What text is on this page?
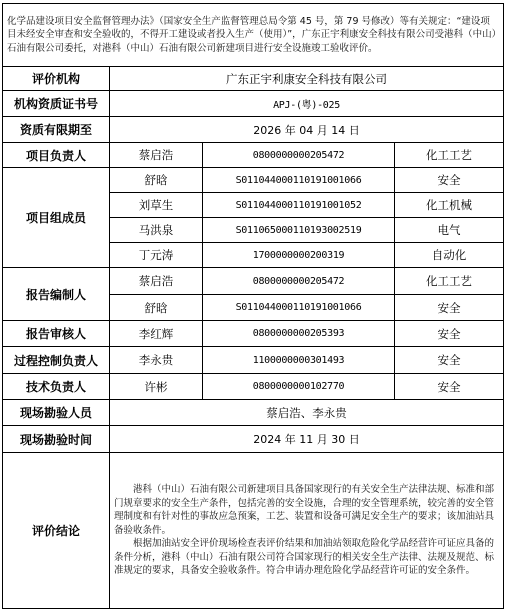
化学品建设项目安全监督管理办法》（国家安全生产监督管理总局令第 45 号，第 79 号修改）等有关规定：“建设项目未经安全审查和安全验收的，不得开工建设或者投入生产（使用）”，广东正宇利康安全科技有限公司受港科（中山）石油有限公司委托，对港科（中山）石油有限公司新建项目进行安全设施竣工验收评价。			
评价机构	广东正宇利康安全科技有限公司		
机构资质证书号	APJ-(粤)-025		
资质有限期至	2026 年 04 月 14 日		
项目负责人	蔡启浩	0800000000205472	化工工艺
项目组成员	舒晗	S011044000110191001066	安全
	刘草生	S011044000110191001052	化工机械
	马洪泉	S011065000110193002519	电气
	丁元涛	1700000000200319	自动化
报告编制人	蔡启浩	0800000000205472	化工工艺
	舒晗	S011044000110191001066	安全
报告审核人	李红辉	0800000000205393	安全
过程控制负责人	李永贵	1100000000301493	安全
技术负责人	许彬	0800000000102770	安全
现场勘验人员	蔡启浩、李永贵		
现场勘验时间	2024 年 11 月 30 日		
评价结论	港科（中山）石油有限公司新建项目具备国家现行的有关安全生产法律法规、标准和部门规章要求的安全生产条件，包括完善的安全设施，合理的安全管理系统，较完善的安全管理制度和有针对性的事故应急预案，工艺、装置和设备可满足安全生产的要求；该加油站具备验收条件。

根据加油站安全评价现场检查表评价结果和加油站领取危险化学品经营许可证应具备的条件分析，港科（中山）石油有限公司符合国家现行的相关安全生产法律、法规及规范、标准规定的要求，具备安全验收条件。符合申请办理危险化学品经营许可证的安全条件。		
